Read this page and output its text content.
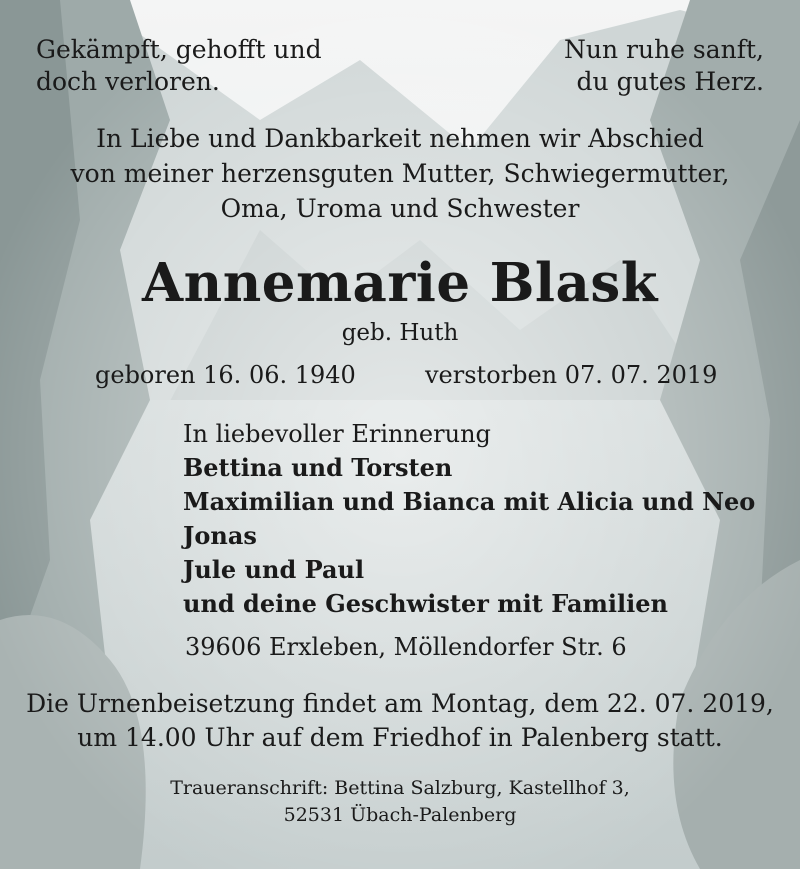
Gekämpft, gehofft und
doch verloren.
Nun ruhe sanft,
du gutes Herz.
In Liebe und Dankbarkeit nehmen wir Abschied
von meiner herzensguten Mutter, Schwiegermutter,
Oma, Uroma und Schwester
Annemarie Blask
geb. Huth
geboren 16. 06. 1940	verstorben 07. 07. 2019
In liebevoller Erinnerung
Bettina und Torsten
Maximilian und Bianca mit Alicia und Neo
Jonas
Jule und Paul
und deine Geschwister mit Familien
39606 Erxleben, Möllendorfer Str. 6
Die Urnenbeisetzung findet am Montag, dem 22. 07. 2019,
um 14.00 Uhr auf dem Friedhof in Palenberg statt.
Traueranschrift: Bettina Salzburg, Kastellhof 3,
52531 Übach-Palenberg
